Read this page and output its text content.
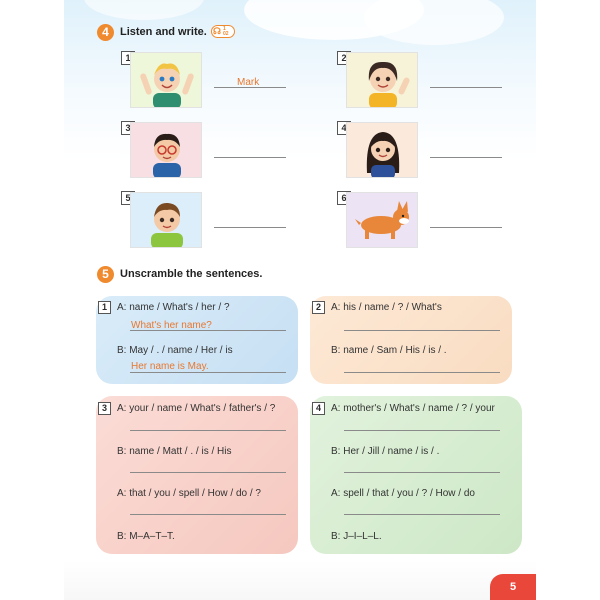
4	Listen and write. ☊ 1
02
1
Mark
2
3	4
5	6
5	Unscramble the sentences.
1	A: name / What's / her / ?
What's her name?
B: May / . / name / Her / is
Her name is May.
2	A: his / name / ? / What's
B: name / Sam / His / is / .
3	A: your / name / What's / father's / ?
B: name / Matt / . / is / His
A: that / you / spell / How / do / ?
B: M–A–T–T.
4	A: mother's / What's / name / ? / your
B: Her / Jill / name / is / .
A: spell / that / you / ? / How / do
B: J–I–L–L.
5
